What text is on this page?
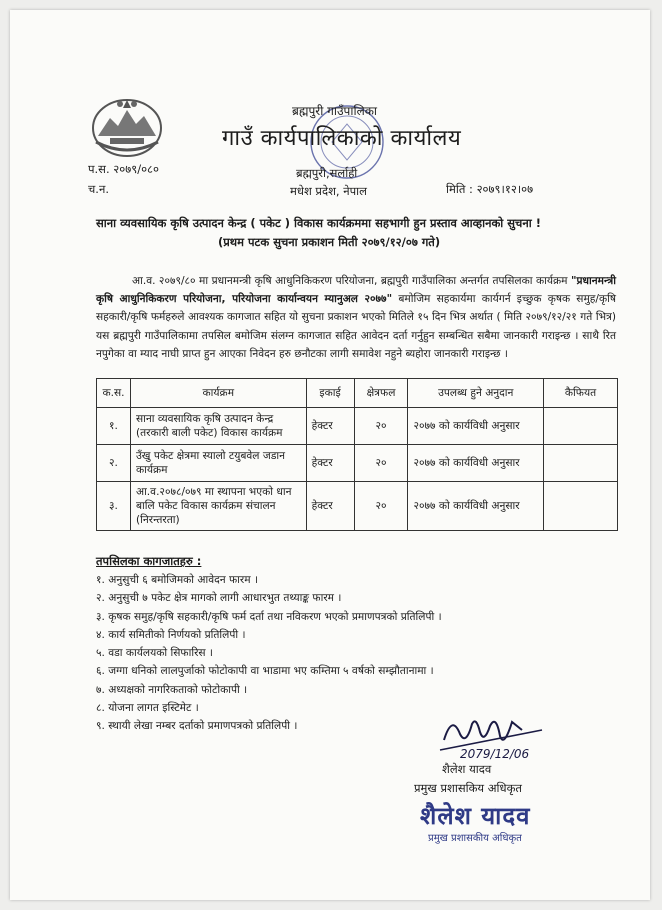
ब्रह्मपुरी गाउँपालिका
गाउँ कार्यपालिकाको कार्यालय
प.स. २०७९/०८०
च.न.
ब्रह्मपुरी,सर्लाही
मधेश प्रदेश, नेपाल	मिति : २०७९।१२।०७
साना व्यवसायिक कृषि उत्पादन केन्द्र ( पकेट ) विकास कार्यक्रममा सहभागी हुन प्रस्ताव आव्हानको सुचना !
(प्रथम पटक सुचना प्रकाशन मिती २०७९/१२/०७ गते)
आ.व. २०७९/८० मा प्रधानमन्त्री कृषि आधुनिकिकरण परियोजना, ब्रह्मपुरी गाउँपालिका अन्तर्गत तपसिलका कार्यक्रम "प्रधानमन्त्री कृषि आधुनिकिकरण परियोजना, परियोजना कार्यान्वयन म्यानुअल २०७७" बमोजिम सहकार्यमा कार्यगर्न इच्छुक कृषक समुह/कृषि सहकारी/कृषि फर्महरुले आवश्यक कागजात सहित यो सुचना प्रकाशन भएको मितिले १५ दिन भित्र अर्थात ( मिति २०७९/१२/२१ गते भित्र) यस ब्रह्मपुरी गाउँपालिकामा तपसिल बमोजिम संलग्न कागजात सहित आवेदन दर्ता गर्नुहुन सम्बन्धित सबैमा जानकारी गराइन्छ । साथै रित नपुगेका वा म्याद नाघी प्राप्त हुन आएका निवेदन हरु छनौटका लागी समावेश नहुने ब्यहोरा जानकारी गराइन्छ ।
क.स.	कार्यक्रम	इकाई	क्षेत्रफल	उपलब्ध हुने अनुदान	कैफियत
१.	साना व्यवसायिक कृषि उत्पादन केन्द्र (तरकारी बाली पकेट) विकास कार्यक्रम	हेक्टर	२०	२०७७ को कार्यविधी अनुसार	
२.	उँखु पकेट क्षेत्रमा स्यालो टयुबवेल जडान कार्यक्रम	हेक्टर	२०	२०७७ को कार्यविधी अनुसार	
३.	आ.व.२०७८/०७९ मा स्थापना भएको धान बालि पकेट विकास कार्यक्रम संचालन (निरन्तरता)	हेक्टर	२०	२०७७ को कार्यविधी अनुसार	
तपसिलका कागजातहरु :
१. अनुसुची ६ बमोजिमको आवेदन फारम ।
२. अनुसुची ७ पकेट क्षेत्र मागको लागी आधारभुत तथ्याङ्क फारम ।
३. कृषक समुह/कृषि सहकारी/कृषि फर्म दर्ता तथा नविकरण भएको प्रमाणपत्रको प्रतिलिपी ।
४. कार्य समितीको निर्णयको प्रतिलिपी ।
५. वडा कार्यलयको सिफारिस ।
६. जग्गा धनिको लालपुर्जाको फोटोकापी वा भाडामा भए कम्तिमा ५ वर्षको सम्झौतानामा ।
७. अध्यक्षको नागरिकताको फोटोकापी ।
८. योजना लागत इस्टिमेट ।
९. स्थायी लेखा नम्बर दर्ताको प्रमाणपत्रको प्रतिलिपी ।
2079/12/06
शैलेश यादव
प्रमुख प्रशासकिय अधिकृत
शैलेश यादव
प्रमुख प्रशासकीय अधिकृत
